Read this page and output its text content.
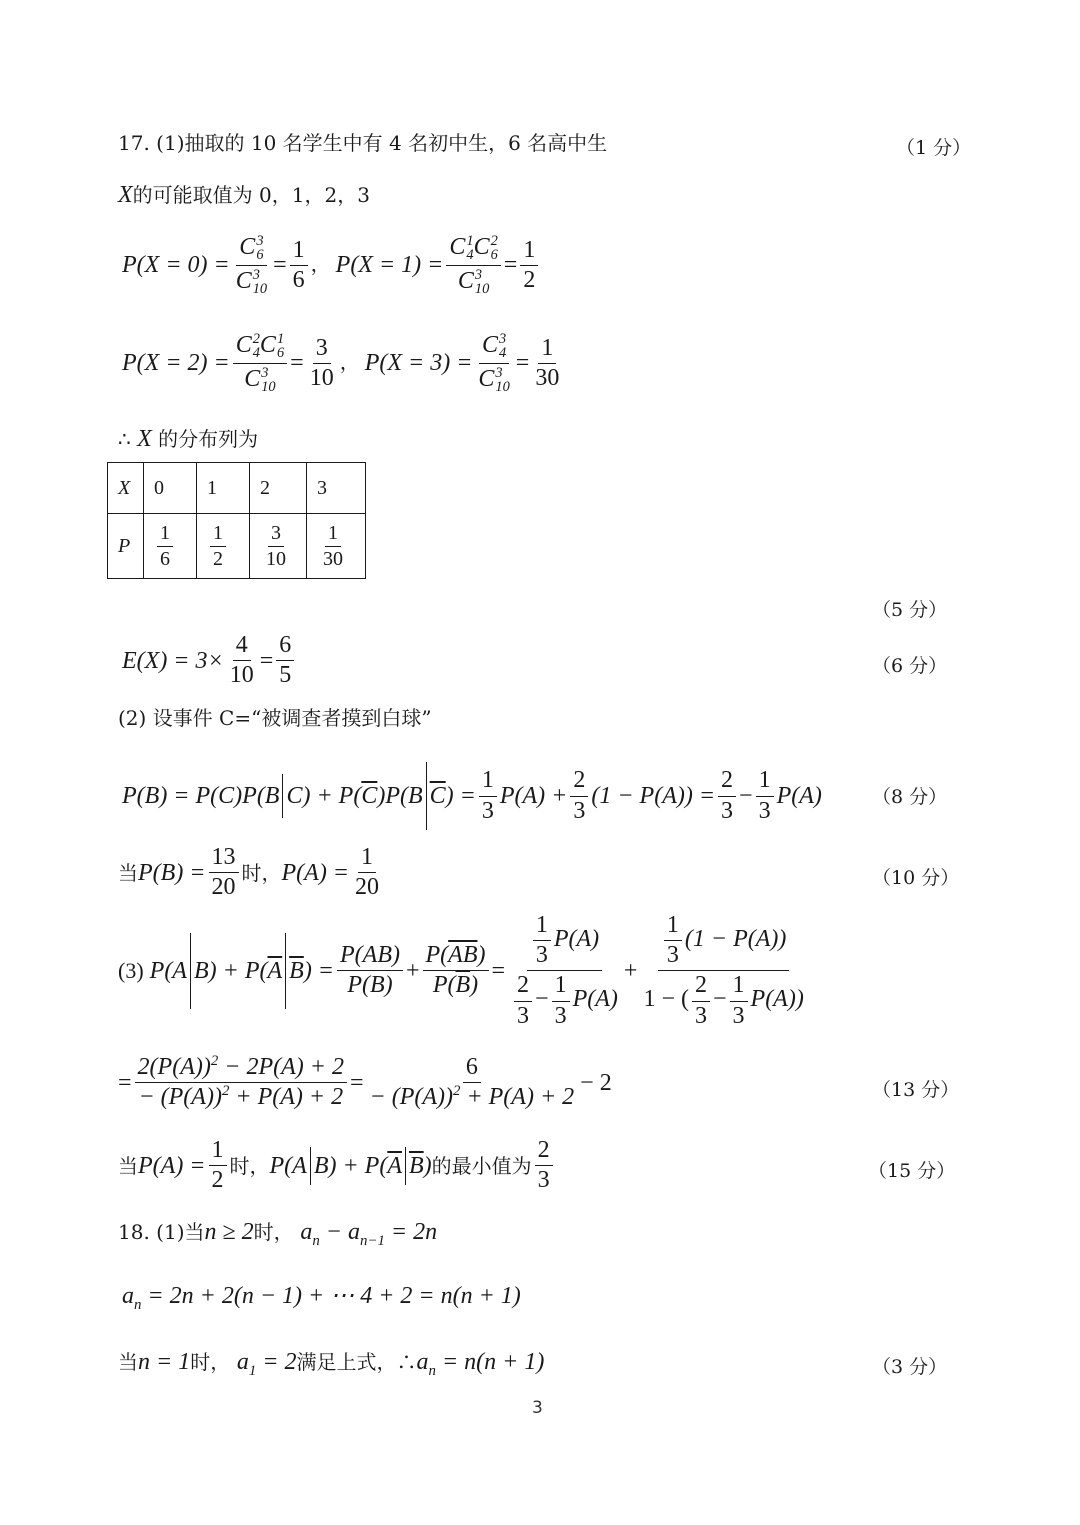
17. (1)抽取的 10 名学生中有 4 名初中生，6 名高中生	（1 分）
X的可能取值为 0，1，2，3
P(X = 0) = C 3
6
C 3
$10 = \frac{1}{6}$ ， P(X = 1) = C 1
4 C 2
6
C 3
$10 = \frac{1}{2}$
P(X = 2) = C 2
4 C 1
6
C 3
$10 = \frac{3}{10}$ ， P(X = 3) = C 3
4
C 3
$10 = \frac{1}{30}$
∴ X 的分布列为
X	0	1	2	3
P	$\frac{1}{6}$	$\frac{1}{2}$	$\frac{3}{10}$	$\frac{1}{30}$
（5 分）
$E(X) = 3\times \frac{4}{10} = \frac{6}{5}$	（6 分）
(2) 设事件 C=“被调查者摸到白球”
P(B) = P(C)P(B C) + P( $\overline{C}$ )P(B $\overline{C}$ ) = $\frac{1}{3} P(A) + \frac{2}{3} (1 - P(A)) = \frac{2}{3} - \frac{1}{3} P(A)$	（8 分）
当 $P(B) = \frac{13}{20}$ 时， $P(A) = \frac{1}{20}$	（10 分）
(3)
P(A B) + P( $\overline{A}$ $\overline{B}$ ) = $\frac{P(AB)}{P(B)} + \frac{P(\overline{AB})}{P(\overline{B})} = \frac{\frac{1}{3} P(A)}{\frac{2}{3} - \frac{1}{3} P(A)} + \frac{\frac{1}{3} (1 - P(A))}{1 - ( \frac{2}{3} - \frac{1}{3} P(A))}$
= $\frac{2(P(A))^2 - 2P(A) + 2}{- (P(A))^2 + P(A) + 2} = \frac{6}{- (P(A))^2 + P(A) + 2} - 2$	（13 分）
当 $P(A) = \frac{1}{2}$ 时， P(A B) + P( $\overline{A}$ $\overline{B}$ ) 的最小值为 $\frac{2}{3}$	（15 分）
18. (1)当n ≥ 2时， $a_n - a_{n-1} = 2n$
$a_n = 2n + 2(n - 1)$ + ⋯ 4 + 2 = n(n + 1)
当n = 1时， $a_1 = 2$满足上式，$\therefore a_n = n(n + 1)$	（3 分）
3
